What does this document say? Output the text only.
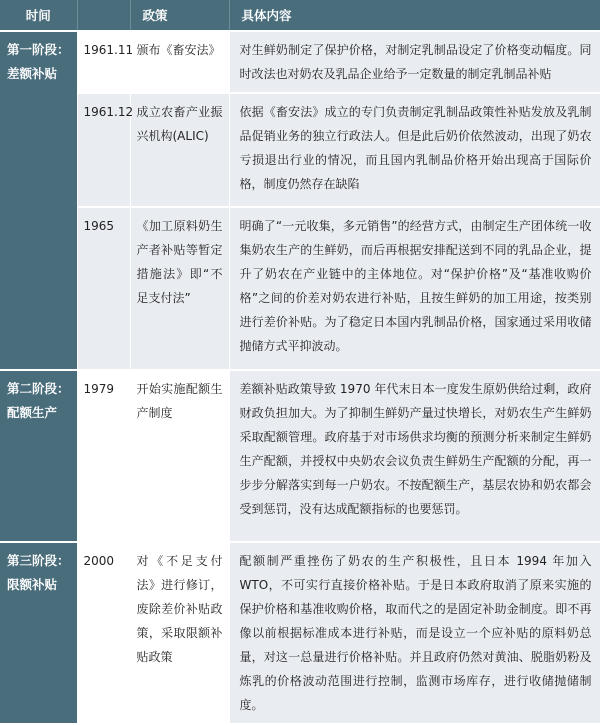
时间		政策	具体内容
第一阶段：差额补贴	1961.11	颁布《畜安法》	对生鲜奶制定了保护价格，对制定乳制品设定了价格变动幅度。同时改法也对奶农及乳品企业给予一定数量的制定乳制品补贴
	1961.12	成立农畜产业振兴机构(ALIC)	依据《畜安法》成立的专门负责制定乳制品政策性补贴发放及乳制品促销业务的独立行政法人。但是此后奶价依然波动，出现了奶农亏损退出行业的情况，而且国内乳制品价格开始出现高于国际价格，制度仍然存在缺陷
	1965	《加工原料奶生产者补贴等暂定措施法》即“不足支付法”	明确了“一元收集，多元销售”的经营方式，由制定生产团体统一收集奶农生产的生鲜奶，而后再根据安排配送到不同的乳品企业，提升了奶农在产业链中的主体地位。对“保护价格”及“基准收购价格”之间的价差对奶农进行补贴，且按生鲜奶的加工用途，按类别进行差价补贴。为了稳定日本国内乳制品价格，国家通过采用收储抛储方式平抑波动。
第二阶段：配额生产	1979	开始实施配额生产制度	差额补贴政策导致 1970 年代末日本一度发生原奶供给过剩，政府财政负担加大。为了抑制生鲜奶产量过快增长，对奶农生产生鲜奶采取配额管理。政府基于对市场供求均衡的预测分析来制定生鲜奶生产配额，并授权中央奶农会议负责生鲜奶生产配额的分配，再一步步分解落实到每一户奶农。不按配额生产，基层农协和奶农都会受到惩罚，没有达成配额指标的也要惩罚。
第三阶段：限额补贴	2000	对《不足支付法》进行修订，废除差价补贴政策，采取限额补贴政策	配额制严重挫伤了奶农的生产积极性，且日本 1994 年加入 WTO，不可实行直接价格补贴。于是日本政府取消了原来实施的保护价格和基准收购价格，取而代之的是固定补助金制度。即不再像以前根据标准成本进行补贴，而是设立一个应补贴的原料奶总量，对这一总量进行价格补贴。并且政府仍然对黄油、脱脂奶粉及炼乳的价格波动范围进行控制，监测市场库存，进行收储抛储制度。
